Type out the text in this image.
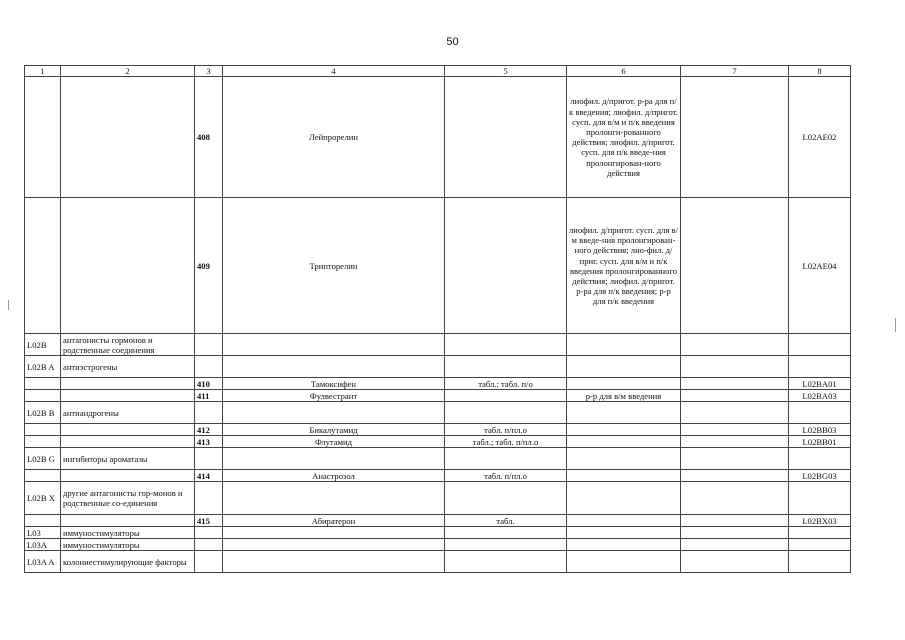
50
1	2	3	4	5	6	7	8
		408	Лейпрорелин		лиофил. д/пригот. р-ра для п/к введения; лиофил. д/пригот. сусп. для в/м и п/к введения пролонги-рованного действия; лиофил. д/пригот. сусп. для п/к введе-ния пролонгирован-ного действия		L02AE02
		409	Трипторелин		лиофил. д/пригот. сусп. для в/м введе-ния пролонгирован-ного действия; лио-фил. д/приг. сусп. для в/м и п/к введения пролонгированного действия; лиофил. д/пригот. р-ра для п/к введения; р-р для п/к введения		L02AE04
L02B	антагонисты гормонов и родственные соединения						
L02B A	антиэстрогены						
		410	Тамоксифен	табл.; табл. п/о			L02BA01
		411	Фулвестрант		р-р для в/м введения		L02BA03
L02B B	антиандрогены						
		412	Бикалутамид	табл. п/пл.о			L02BB03
		413	Флутамид	табл.; табл. п/пл.о			L02BB01
L02B G	ингибиторы ароматазы						
		414	Анастрозол	табл. п/пл.о			L02BG03
L02B X	другие антагонисты гор-монов и родственные со-единения						
		415	Абиратерон	табл.			L02BX03
L03	иммуностимуляторы						
L03A	иммуностимуляторы						
L03A A	колониестимулирующие факторы						
